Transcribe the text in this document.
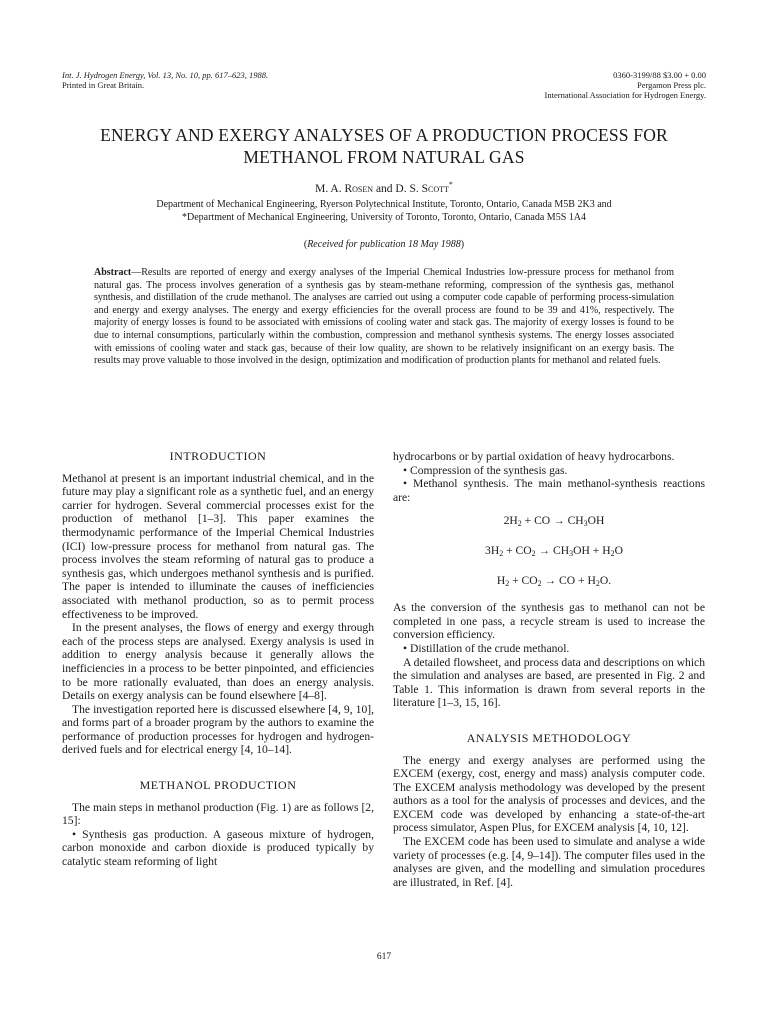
Int. J. Hydrogen Energy, Vol. 13, No. 10, pp. 617–623, 1988.
Printed in Great Britain.
0360-3199/88 $3.00 + 0.00
Pergamon Press plc.
International Association for Hydrogen Energy.
ENERGY AND EXERGY ANALYSES OF A PRODUCTION PROCESS FOR
METHANOL FROM NATURAL GAS
M. A. Rosen and D. S. Scott*
Department of Mechanical Engineering, Ryerson Polytechnical Institute, Toronto, Ontario, Canada M5B 2K3 and
*Department of Mechanical Engineering, University of Toronto, Toronto, Ontario, Canada M5S 1A4
(Received for publication 18 May 1988)
Abstract—Results are reported of energy and exergy analyses of the Imperial Chemical Industries low-pressure process for methanol from natural gas. The process involves generation of a synthesis gas by steam-methane reforming, compression of the synthesis gas, methanol synthesis, and distillation of the crude methanol. The analyses are carried out using a computer code capable of performing process-simulation and energy and exergy analyses. The energy and exergy efficiencies for the overall process are found to be 39 and 41%, respectively. The majority of energy losses is found to be associated with emissions of cooling water and stack gas. The majority of exergy losses is found to be due to internal consumptions, particularly within the combustion, compression and methanol synthesis systems. The energy losses associated with emissions of cooling water and stack gas, because of their low quality, are shown to be relatively insignificant on an exergy basis. The results may prove valuable to those involved in the design, optimization and modification of production plants for methanol and related fuels.
INTRODUCTION

Methanol at present is an important industrial chemical, and in the future may play a significant role as a synthetic fuel, and an energy carrier for hydrogen. Several commercial processes exist for the production of methanol [1–3]. This paper examines the thermodynamic performance of the Imperial Chemical Industries (ICI) low-pressure process for methanol from natural gas. The process involves the steam reforming of natural gas to produce a synthesis gas, which undergoes methanol synthesis and is purified. The paper is intended to illuminate the causes of inefficiencies associated with methanol production, so as to permit process effectiveness to be improved.

In the present analyses, the flows of energy and exergy through each of the process steps are analysed. Exergy analysis is used in addition to energy analysis because it generally allows the inefficiencies in a process to be better pinpointed, and efficiencies to be more rationally evaluated, than does an energy analysis. Details on exergy analysis can be found elsewhere [4–8].

The investigation reported here is discussed elsewhere [4, 9, 10], and forms part of a broader program by the authors to examine the performance of production processes for hydrogen and hydrogen-derived fuels and for electrical energy [4, 10–14].

METHANOL PRODUCTION

The main steps in methanol production (Fig. 1) are as follows [2, 15]:

• Synthesis gas production. A gaseous mixture of hydrogen, carbon monoxide and carbon dioxide is produced typically by catalytic steam reforming of light

hydrocarbons or by partial oxidation of heavy hydrocarbons.

• Compression of the synthesis gas.

• Methanol synthesis. The main methanol-synthesis reactions are:

$2H_2$ + CO → $CH_3OH$

$3H_2 + CO_2 \to CH_3OH + H_2O$

$H_2 + CO_2$ → CO + $H_2O$.

As the conversion of the synthesis gas to methanol can not be completed in one pass, a recycle stream is used to increase the conversion efficiency.

• Distillation of the crude methanol.

A detailed flowsheet, and process data and descriptions on which the simulation and analyses are based, are presented in Fig. 2 and Table 1. This information is drawn from several reports in the literature [1–3, 15, 16].

ANALYSIS METHODOLOGY

The energy and exergy analyses are performed using the EXCEM (exergy, cost, energy and mass) analysis computer code. The EXCEM analysis methodology was developed by the present authors as a tool for the analysis of processes and devices, and the EXCEM code was developed by enhancing a state-of-the-art process simulator, Aspen Plus, for EXCEM analysis [4, 10, 12].

The EXCEM code has been used to simulate and analyse a wide variety of processes (e.g. [4, 9–14]). The computer files used in the analyses are given, and the modelling and simulation procedures are illustrated, in Ref. [4].

617
